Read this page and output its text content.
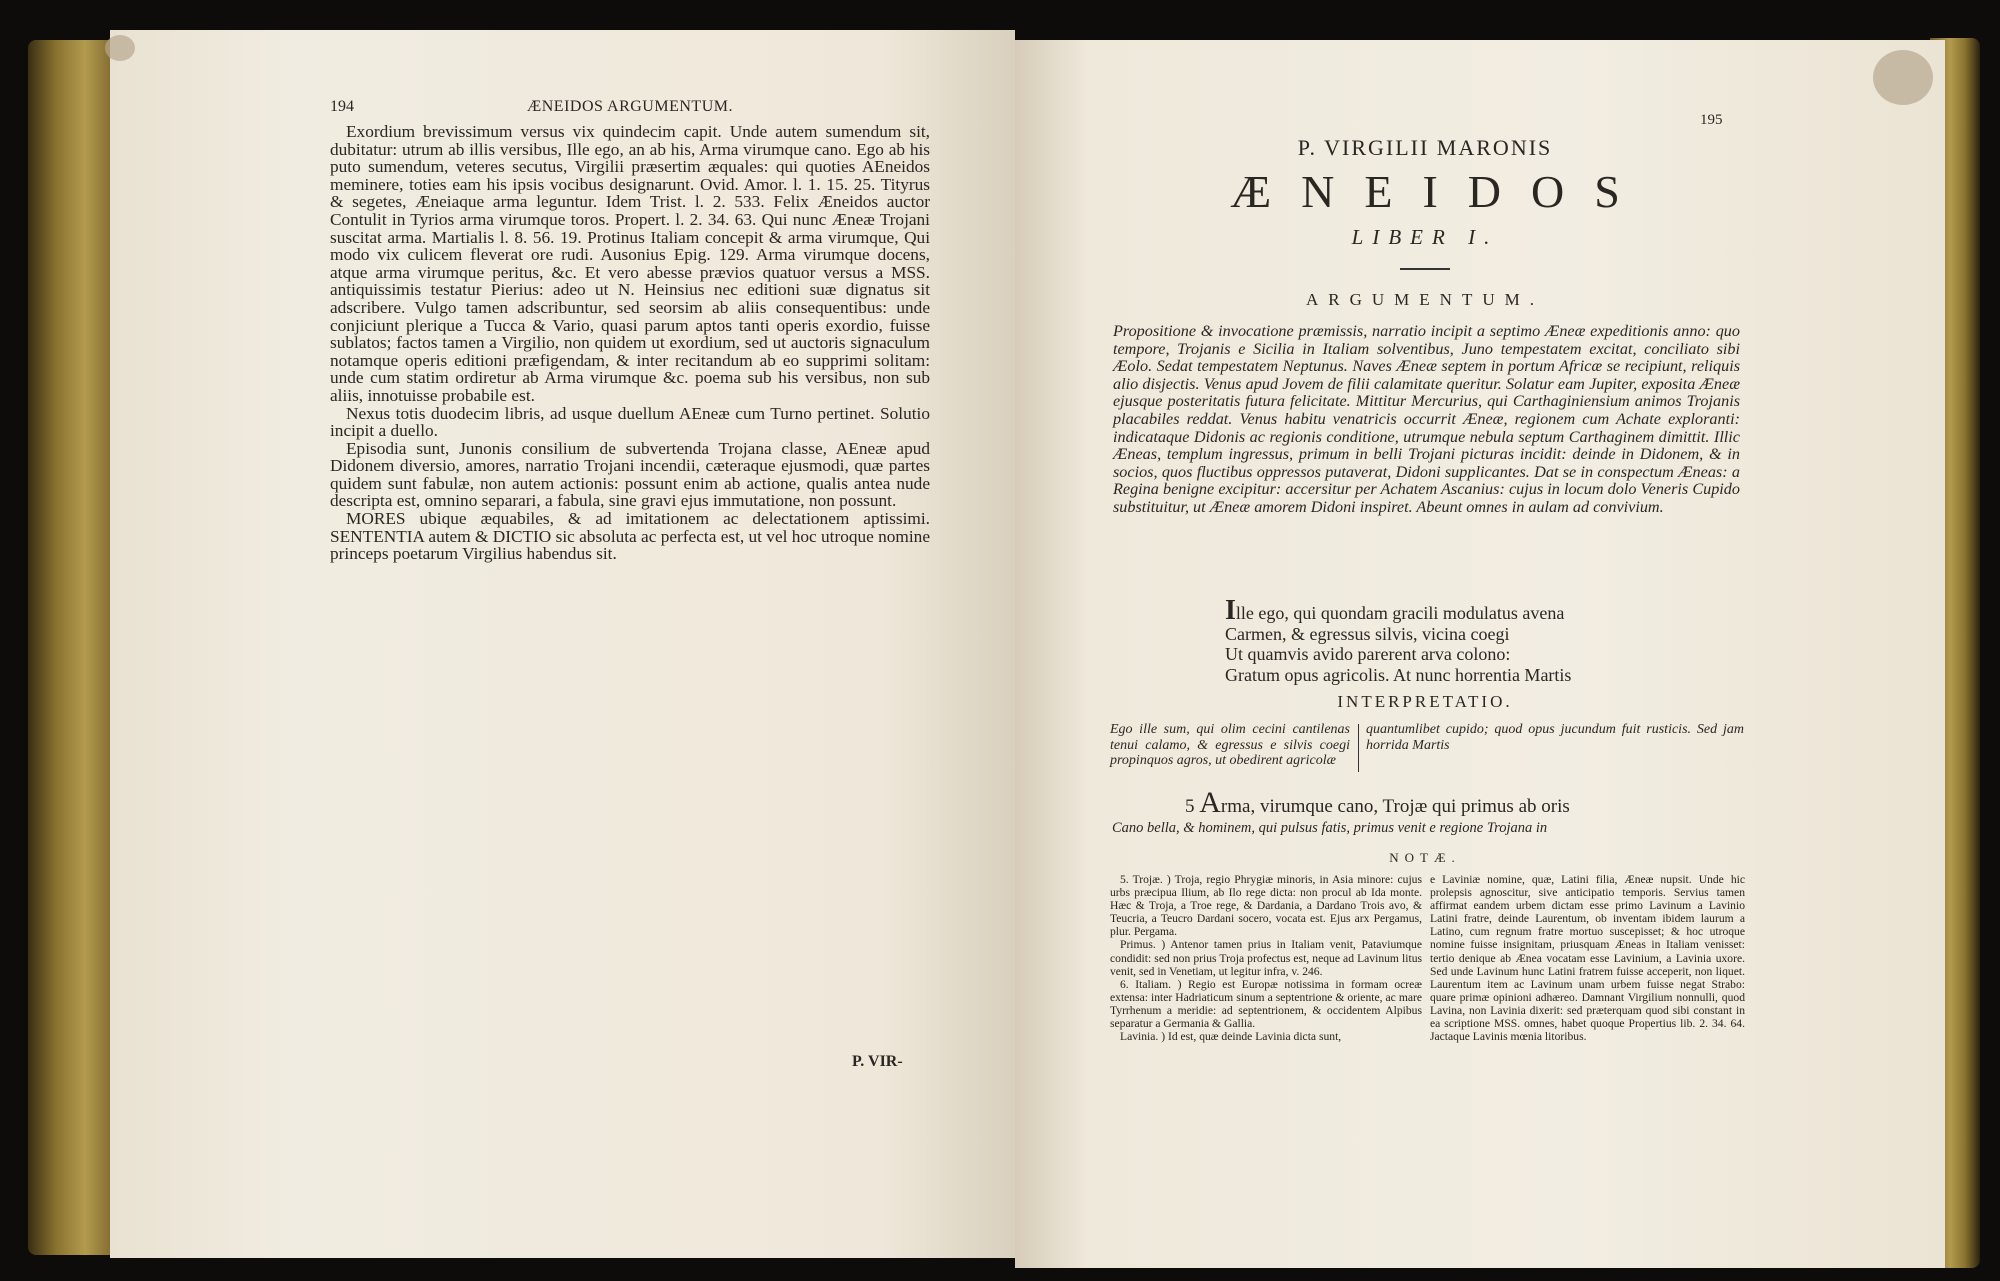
194	ÆNEIDOS ARGUMENTUM.

Exordium brevissimum versus vix quindecim capit. Unde autem sumendum sit, dubitatur: utrum ab illis versibus, Ille ego, an ab his, Arma virumque cano. Ego ab his puto sumendum, veteres secutus, Virgilii præsertim æquales: qui quoties AEneidos meminere, toties eam his ipsis vocibus designarunt. Ovid. Amor. l. 1. 15. 25. Tityrus & segetes, Æneiaque arma leguntur. Idem Trist. l. 2. 533. Felix Æneidos auctor Contulit in Tyrios arma virumque toros. Propert. l. 2. 34. 63. Qui nunc Æneæ Trojani suscitat arma. Martialis l. 8. 56. 19. Protinus Italiam concepit & arma virumque, Qui modo vix culicem fleverat ore rudi. Ausonius Epig. 129. Arma virumque docens, atque arma virumque peritus, &c. Et vero abesse prævios quatuor versus a MSS. antiquissimis testatur Pierius: adeo ut N. Heinsius nec editioni suæ dignatus sit adscribere. Vulgo tamen adscribuntur, sed seorsim ab aliis consequentibus: unde conjiciunt plerique a Tucca & Vario, quasi parum aptos tanti operis exordio, fuisse sublatos; factos tamen a Virgilio, non quidem ut exordium, sed ut auctoris signaculum notamque operis editioni præfigendam, & inter recitandum ab eo supprimi solitam: unde cum statim ordiretur ab Arma virumque &c. poema sub his versibus, non sub aliis, innotuisse probabile est.

Nexus totis duodecim libris, ad usque duellum AEneæ cum Turno pertinet. Solutio incipit a duello.

Episodia sunt, Junonis consilium de subvertenda Trojana classe, AEneæ apud Didonem diversio, amores, narratio Trojani incendii, cæteraque ejusmodi, quæ partes quidem sunt fabulæ, non autem actionis: possunt enim ab actione, qualis antea nude descripta est, omnino separari, a fabula, sine gravi ejus immutatione, non possunt.

MORES ubique æquabiles, & ad imitationem ac delectationem aptissimi. SENTENTIA autem & DICTIO sic absoluta ac perfecta est, ut vel hoc utroque nomine princeps poetarum Virgilius habendus sit.

P. VIR-
195
P. VIRGILII MARONIS
ÆNEIDOS
LIBER I.
ARGUMENTUM.
Propositione & invocatione præmissis, narratio incipit a septimo Æneæ expeditionis anno: quo tempore, Trojanis e Sicilia in Italiam solventibus, Juno tempestatem excitat, conciliato sibi Æolo. Sedat tempestatem Neptunus. Naves Æneæ septem in portum Africæ se recipiunt, reliquis alio disjectis. Venus apud Jovem de filii calamitate queritur. Solatur eam Jupiter, exposita Æneæ ejusque posteritatis futura felicitate. Mittitur Mercurius, qui Carthaginiensium animos Trojanis placabiles reddat. Venus habitu venatricis occurrit Æneæ, regionem cum Achate exploranti: indicataque Didonis ac regionis conditione, utrumque nebula septum Carthaginem dimittit. Illic Æneas, templum ingressus, primum in belli Trojani picturas incidit: deinde in Didonem, & in socios, quos fluctibus oppressos putaverat, Didoni supplicantes. Dat se in conspectum Æneas: a Regina benigne excipitur: accersitur per Achatem Ascanius: cujus in locum dolo Veneris Cupido substituitur, ut Æneæ amorem Didoni inspiret. Abeunt omnes in aulam ad convivium.
Ille ego, qui quondam gracili modulatus avena
Carmen, & egressus silvis, vicina coegi
Ut quamvis avido parerent arva colono:
Gratum opus agricolis. At nunc horrentia Martis
INTERPRETATIO.
Ego ille sum, qui olim cecini cantilenas tenui calamo, & egressus e silvis coegi propinquos agros, ut obedirent agricolæ
quantumlibet cupido; quod opus jucundum fuit rusticis. Sed jam horrida Martis
5 Arma, virumque cano, Trojæ qui primus ab oris
Cano bella, & hominem, qui pulsus fatis, primus venit e regione Trojana in
NOTÆ.

5. Trojæ. ) Troja, regio Phrygiæ minoris, in Asia minore: cujus urbs præcipua Ilium, ab Ilo rege dicta: non procul ab Ida monte. Hæc & Troja, a Troe rege, & Dardania, a Dardano Trois avo, & Teucria, a Teucro Dardani socero, vocata est. Ejus arx Pergamus, plur. Pergama.

Primus. ) Antenor tamen prius in Italiam venit, Pataviumque condidit: sed non prius Troja profectus est, neque ad Lavinum litus venit, sed in Venetiam, ut legitur infra, v. 246.

6. Italiam. ) Regio est Europæ notissima in formam ocreæ extensa: inter Hadriaticum sinum a septentrione & oriente, ac mare Tyrrhenum a meridie: ad septentrionem, & occidentem Alpibus separatur a Germania & Gallia.

Lavinia. ) Id est, quæ deinde Lavinia dicta sunt,

e Laviniæ nomine, quæ, Latini filia, Æneæ nupsit. Unde hic prolepsis agnoscitur, sive anticipatio temporis. Servius tamen affirmat eandem urbem dictam esse primo Lavinum a Lavinio Latini fratre, deinde Laurentum, ob inventam ibidem laurum a Latino, cum regnum fratre mortuo suscepisset; & hoc utroque nomine fuisse insignitam, priusquam Æneas in Italiam venisset: tertio denique ab Ænea vocatam esse Lavinium, a Lavinia uxore. Sed unde Lavinum hunc Latini fratrem fuisse acceperit, non liquet. Laurentum item ac Lavinum unam urbem fuisse negat Strabo: quare primæ opinioni adhæreo. Damnant Virgilium nonnulli, quod Lavina, non Lavinia dixerit: sed præterquam quod sibi constant in ea scriptione MSS. omnes, habet quoque Propertius lib. 2. 34. 64. Jactaque Lavinis mœnia litoribus.
